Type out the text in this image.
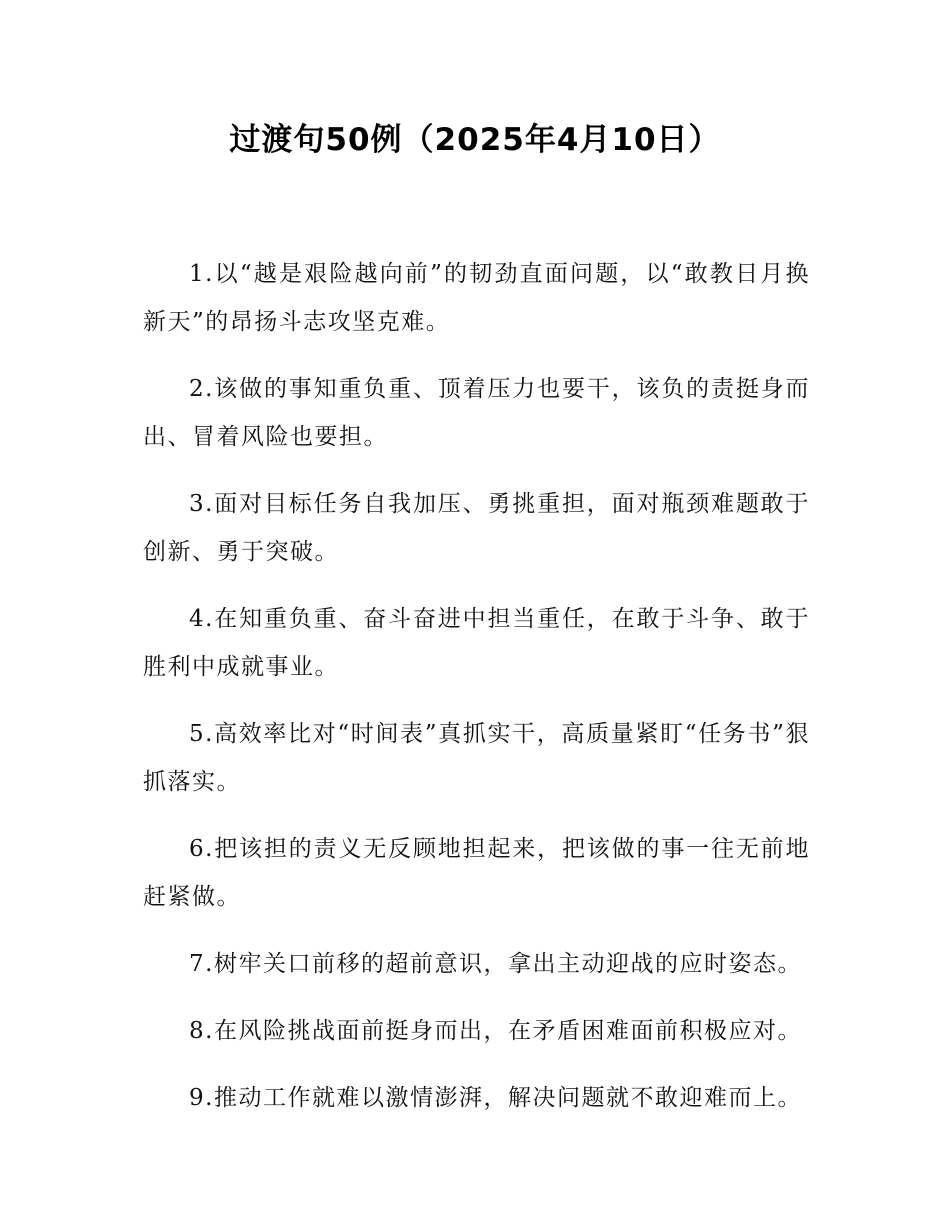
过渡句50例（2025年4月10日）

1.以“越是艰险越向前”的韧劲直面问题，以“敢教日月换新天”的昂扬斗志攻坚克难。

2.该做的事知重负重、顶着压力也要干，该负的责挺身而出、冒着风险也要担。

3.面对目标任务自我加压、勇挑重担，面对瓶颈难题敢于创新、勇于突破。

4.在知重负重、奋斗奋进中担当重任，在敢于斗争、敢于胜利中成就事业。

5.高效率比对“时间表”真抓实干，高质量紧盯“任务书”狠抓落实。

6.把该担的责义无反顾地担起来，把该做的事一往无前地赶紧做。

7.树牢关口前移的超前意识，拿出主动迎战的应时姿态。

8.在风险挑战面前挺身而出，在矛盾困难面前积极应对。

9.推动工作就难以激情澎湃，解决问题就不敢迎难而上。
